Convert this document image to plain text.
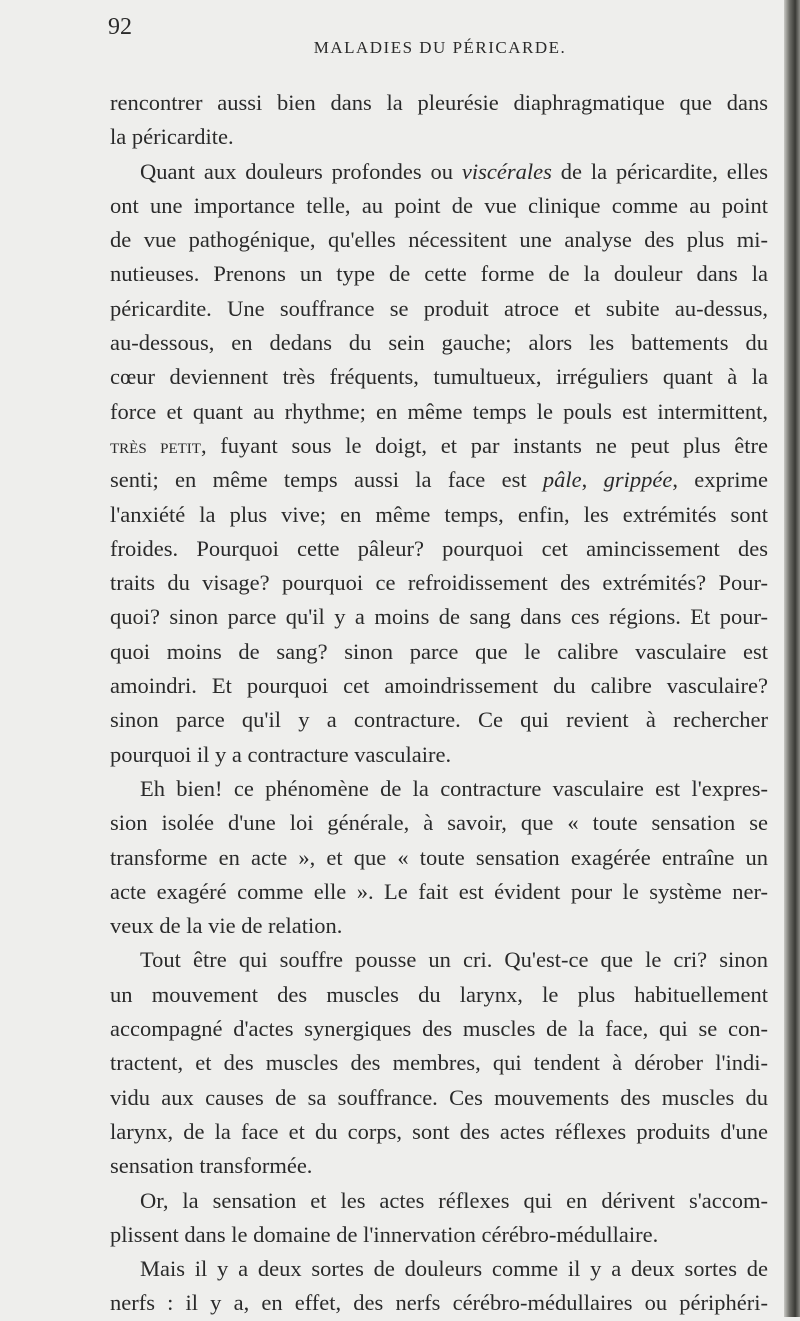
92
MALADIES DU PÉRICARDE.
rencontrer aussi bien dans la pleurésie diaphragmatique que dans
la péricardite.
Quant aux douleurs profondes ou viscérales de la péricardite, elles
ont une importance telle, au point de vue clinique comme au point
de vue pathogénique, qu'elles nécessitent une analyse des plus mi-
nutieuses. Prenons un type de cette forme de la douleur dans la
péricardite. Une souffrance se produit atroce et subite au-dessus,
au-dessous, en dedans du sein gauche; alors les battements du
cœur deviennent très fréquents, tumultueux, irréguliers quant à la
force et quant au rhythme; en même temps le pouls est intermittent,
très petit, fuyant sous le doigt, et par instants ne peut plus être
senti; en même temps aussi la face est pâle, grippée, exprime
l'anxiété la plus vive; en même temps, enfin, les extrémités sont
froides. Pourquoi cette pâleur? pourquoi cet amincissement des
traits du visage? pourquoi ce refroidissement des extrémités? Pour-
quoi? sinon parce qu'il y a moins de sang dans ces régions. Et pour-
quoi moins de sang? sinon parce que le calibre vasculaire est
amoindri. Et pourquoi cet amoindrissement du calibre vasculaire?
sinon parce qu'il y a contracture. Ce qui revient à rechercher
pourquoi il y a contracture vasculaire.
Eh bien! ce phénomène de la contracture vasculaire est l'expres-
sion isolée d'une loi générale, à savoir, que « toute sensation se
transforme en acte », et que « toute sensation exagérée entraîne un
acte exagéré comme elle ». Le fait est évident pour le système ner-
veux de la vie de relation.
Tout être qui souffre pousse un cri. Qu'est-ce que le cri? sinon
un mouvement des muscles du larynx, le plus habituellement
accompagné d'actes synergiques des muscles de la face, qui se con-
tractent, et des muscles des membres, qui tendent à dérober l'indi-
vidu aux causes de sa souffrance. Ces mouvements des muscles du
larynx, de la face et du corps, sont des actes réflexes produits d'une
sensation transformée.
Or, la sensation et les actes réflexes qui en dérivent s'accom-
plissent dans le domaine de l'innervation cérébro-médullaire.
Mais il y a deux sortes de douleurs comme il y a deux sortes de
nerfs : il y a, en effet, des nerfs cérébro-médullaires ou périphéri-
